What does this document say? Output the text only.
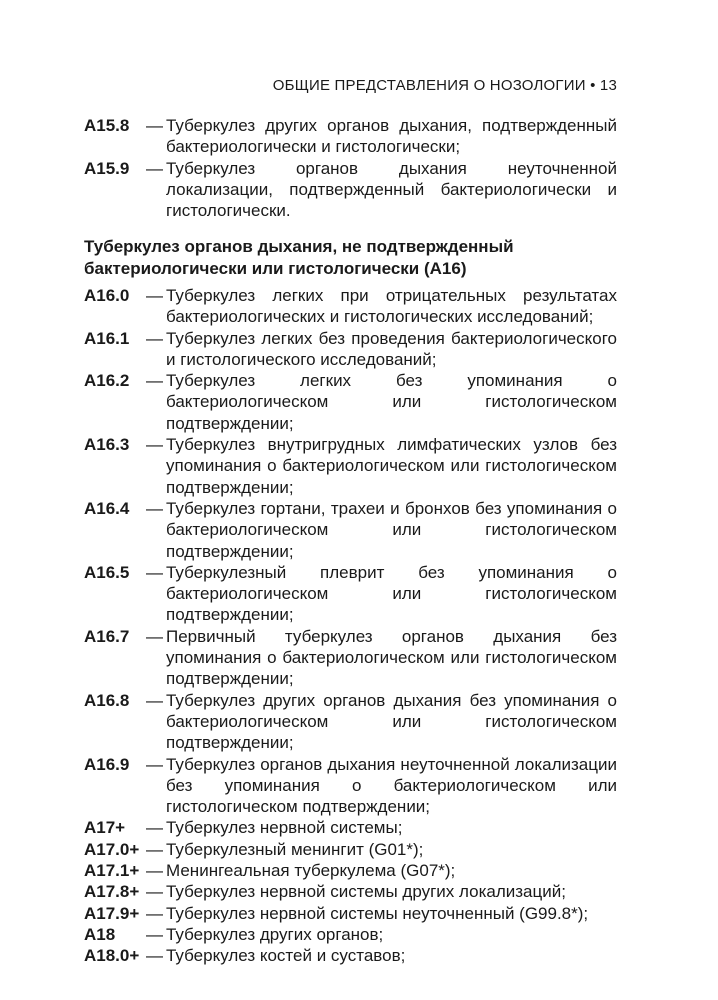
ОБЩИЕ ПРЕДСТАВЛЕНИЯ О НОЗОЛОГИИ • 13
A15.8 — Туберкулез других органов дыхания, подтвержденный бактериологически и гистологически;
A15.9 — Туберкулез органов дыхания неуточненной локализации, подтвержденный бактериологически и гистологически.
Туберкулез органов дыхания, не подтвержденный бактериологически или гистологически (A16)
A16.0 — Туберкулез легких при отрицательных результатах бактериологических и гистологических исследований;
A16.1 — Туберкулез легких без проведения бактериологического и гистологического исследований;
A16.2 — Туберкулез легких без упоминания о бактериологическом или гистологическом подтверждении;
A16.3 — Туберкулез внутригрудных лимфатических узлов без упоминания о бактериологическом или гистологическом подтверждении;
A16.4 — Туберкулез гортани, трахеи и бронхов без упоминания о бактериологическом или гистологическом подтверждении;
A16.5 — Туберкулезный плеврит без упоминания о бактериологическом или гистологическом подтверждении;
A16.7 — Первичный туберкулез органов дыхания без упоминания о бактериологическом или гистологическом подтверждении;
A16.8 — Туберкулез других органов дыхания без упоминания о бактериологическом или гистологическом подтверждении;
A16.9 — Туберкулез органов дыхания неуточненной локализации без упоминания о бактериологическом или гистологическом подтверждении;
A17+	— Туберкулез нервной системы;
A17.0+ — Туберкулезный менингит (G01*);
A17.1+ — Менингеальная туберкулема (G07*);
A17.8+ — Туберкулез нервной системы других локализаций;
A17.9+ — Туберкулез нервной системы неуточненный (G99.8*);
A18	— Туберкулез других органов;
A18.0+ — Туберкулез костей и суставов;
